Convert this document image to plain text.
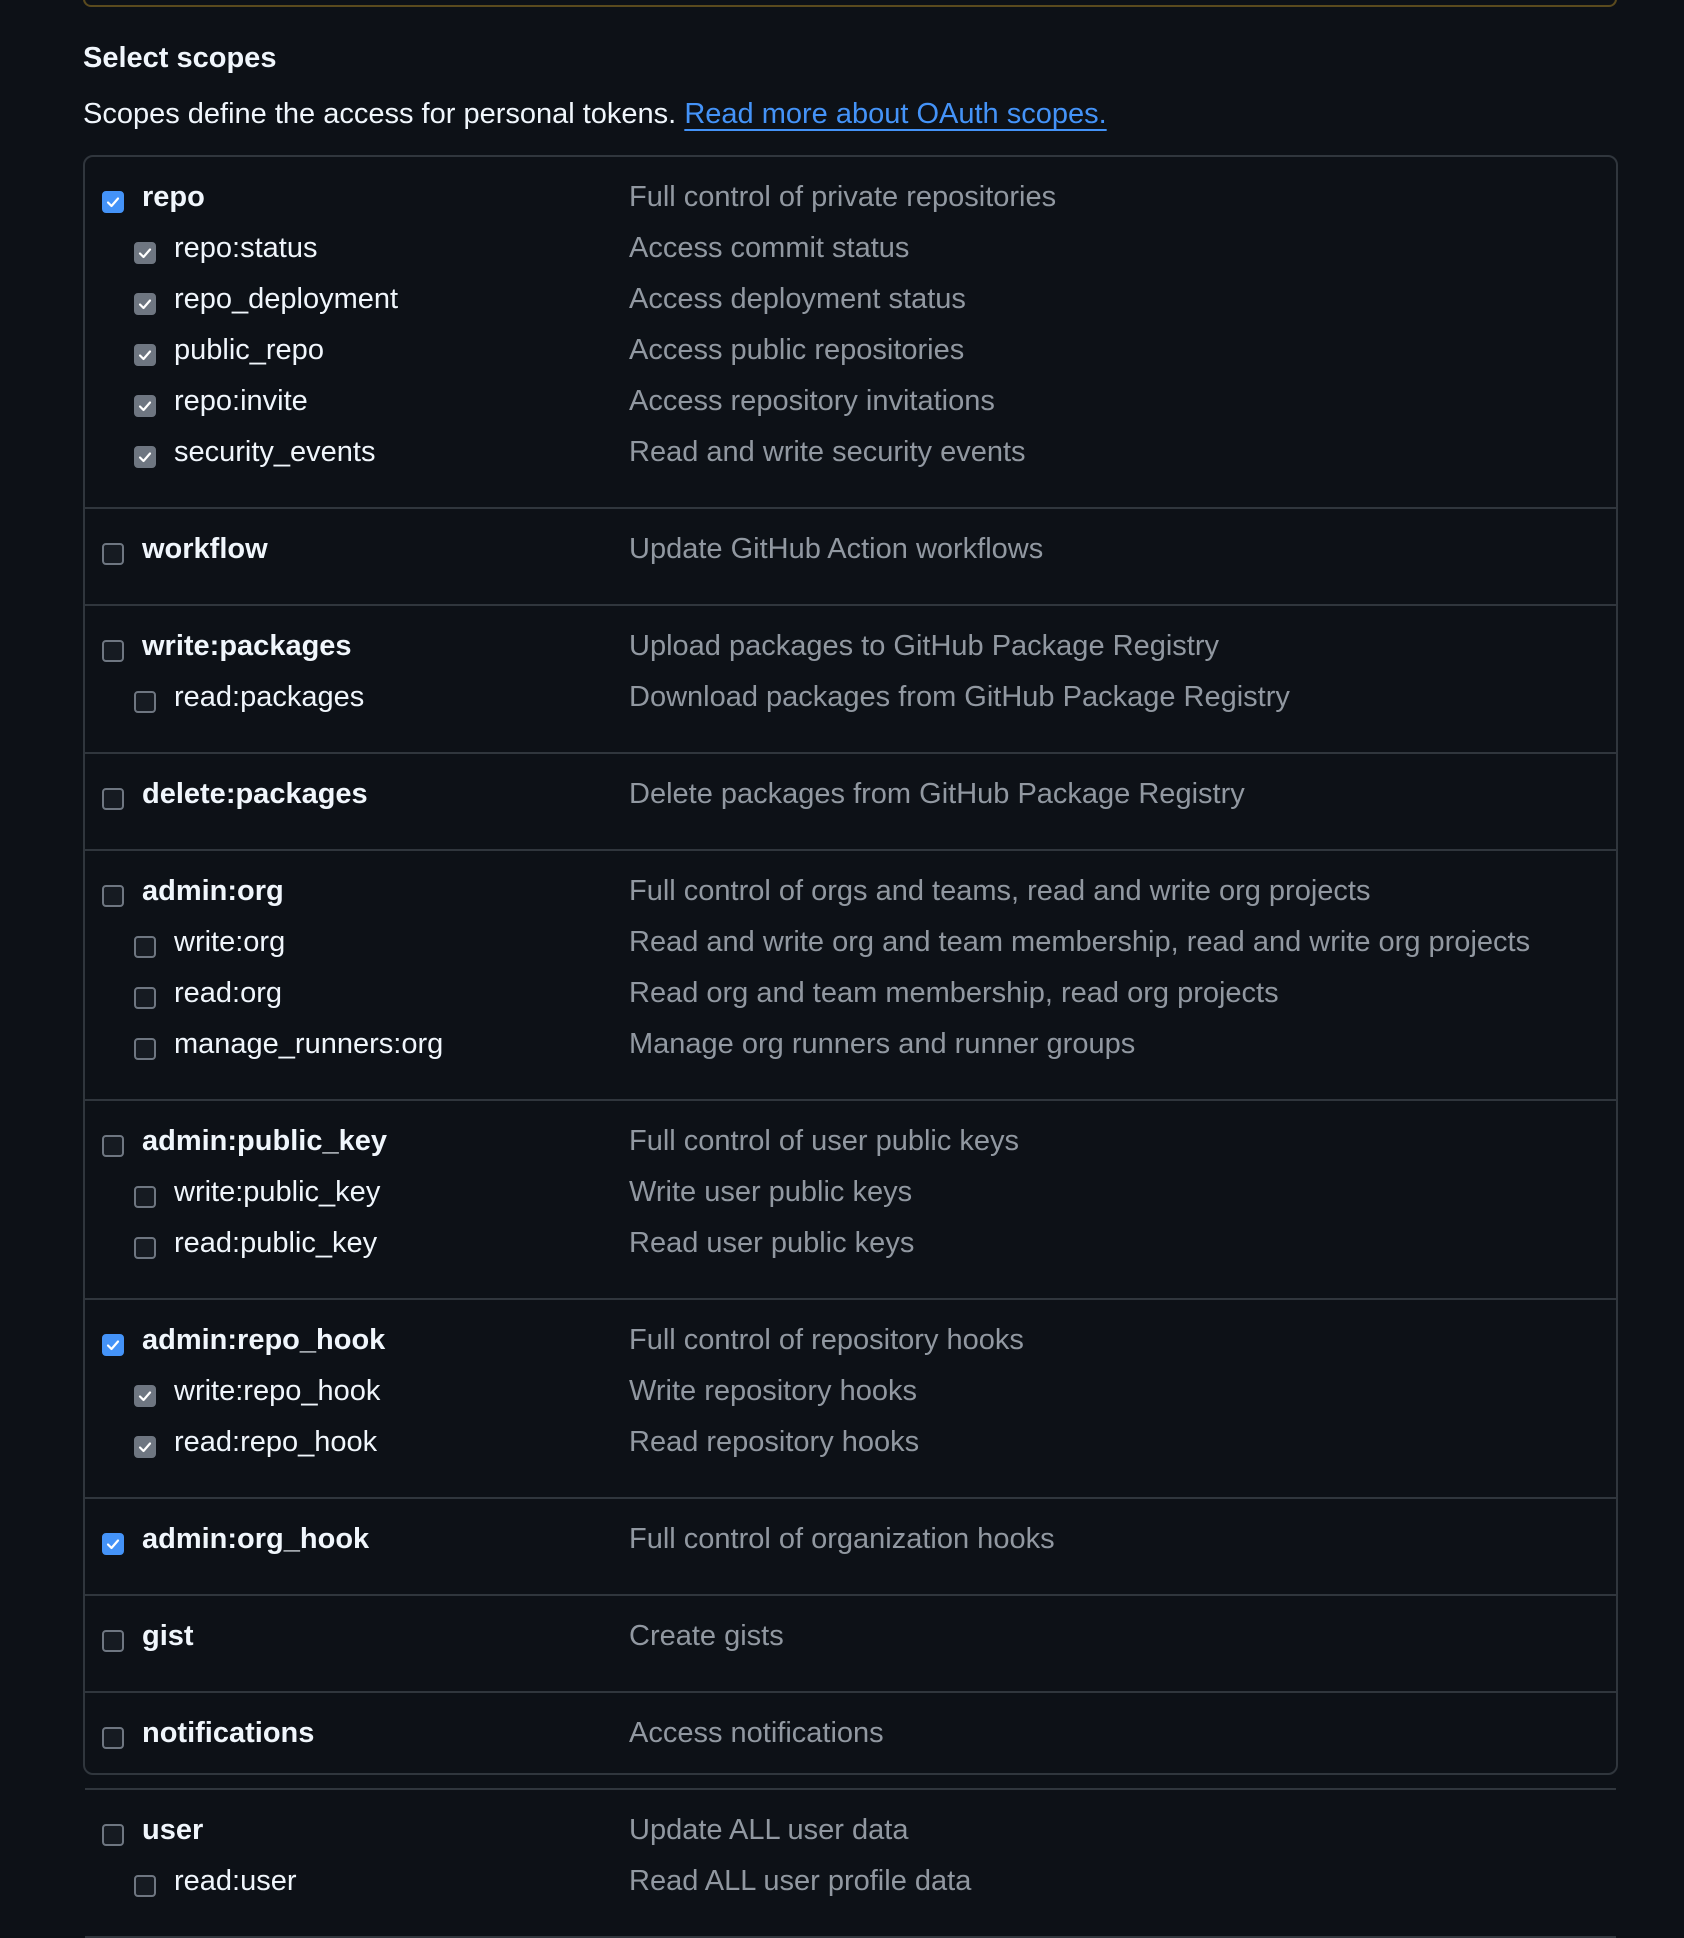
Select scopes
Scopes define the access for personal tokens. Read more about OAuth scopes.
repo	Full control of private repositories
repo:status	Access commit status
repo_deployment	Access deployment status
public_repo	Access public repositories
repo:invite	Access repository invitations
security_events	Read and write security events
workflow	Update GitHub Action workflows
write:packages	Upload packages to GitHub Package Registry
read:packages	Download packages from GitHub Package Registry
delete:packages	Delete packages from GitHub Package Registry
admin:org	Full control of orgs and teams, read and write org projects
write:org	Read and write org and team membership, read and write org projects
read:org	Read org and team membership, read org projects
manage_runners:org	Manage org runners and runner groups
admin:public_key	Full control of user public keys
write:public_key	Write user public keys
read:public_key	Read user public keys
admin:repo_hook	Full control of repository hooks
write:repo_hook	Write repository hooks
read:repo_hook	Read repository hooks
admin:org_hook	Full control of organization hooks
gist	Create gists
notifications	Access notifications
user	Update ALL user data
read:user	Read ALL user profile data
